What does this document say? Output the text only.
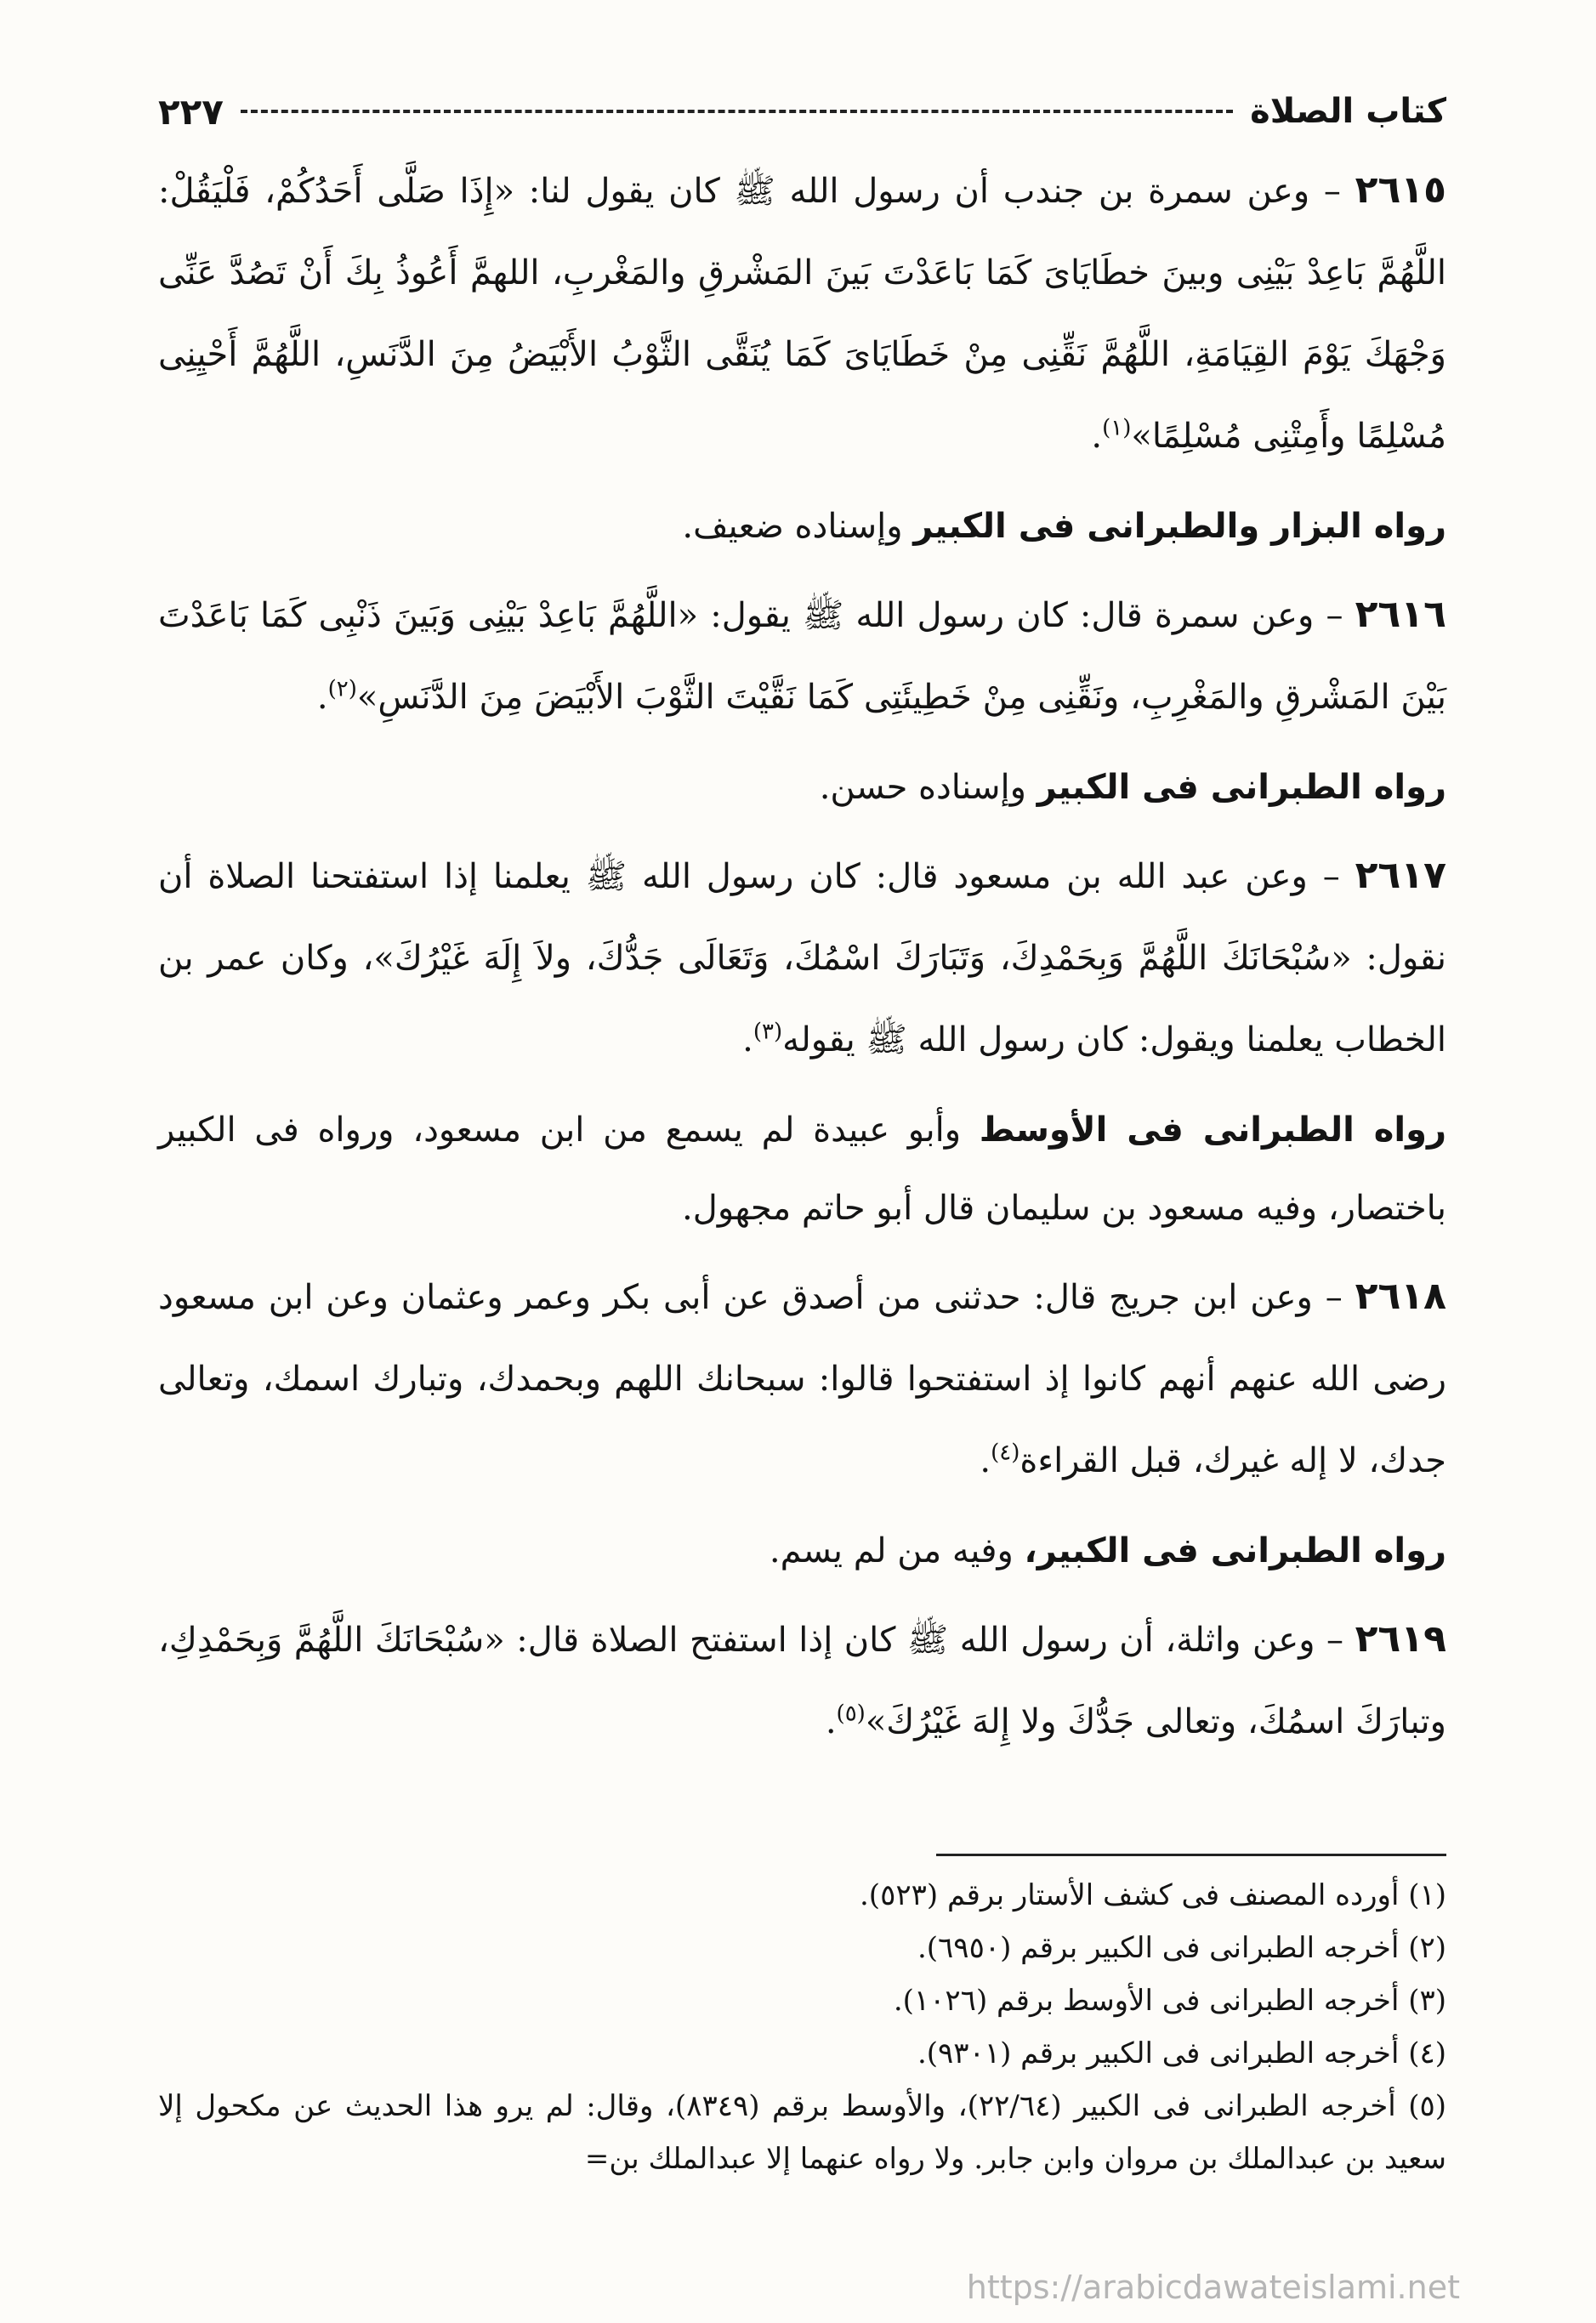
كتاب الصلاة
٢٢٧

٢٦١٥ – وعن سمرة بن جندب أن رسول الله ﷺ كان يقول لنا: «إِذَا صَلَّى أَحَدُكُمْ، فَلْيَقُلْ: اللَّهُمَّ بَاعِدْ بَيْنِى وبينَ خطَايَاىَ كَمَا بَاعَدْتَ بَينَ المَشْرقِ والمَغْربِ، اللهمَّ أَعُوذُ بِكَ أَنْ تَصُدَّ عَنِّى وَجْهَكَ يَوْمَ القِيَامَةِ، اللَّهُمَّ نَقِّنِى مِنْ خَطَايَاىَ كَمَا يُنَقَّى الثَّوْبُ الأَبْيَضُ مِنَ الدَّنَسِ، اللَّهُمَّ أَحْيِنِى مُسْلِمًا وأَمِتْنِى مُسْلِمًا»$^{(١)}$.

رواه البزار والطبرانى فى الكبير وإسناده ضعيف.

٢٦١٦ – وعن سمرة قال: كان رسول الله ﷺ يقول: «اللَّهُمَّ بَاعِدْ بَيْنِى وَبَينَ ذَنْبِى كَمَا بَاعَدْتَ بَيْنَ المَشْرقِ والمَغْرِبِ، ونَقِّنِى مِنْ خَطِيئَتِى كَمَا نَقَّيْتَ الثَّوْبَ الأَبْيَضَ مِنَ الدَّنَسِ»$^{(٢)}$.

رواه الطبرانى فى الكبير وإسناده حسن.

٢٦١٧ – وعن عبد الله بن مسعود قال: كان رسول الله ﷺ يعلمنا إذا استفتحنا الصلاة أن نقول: «سُبْحَانَكَ اللَّهُمَّ وَبِحَمْدِكَ، وَتَبَارَكَ اسْمُكَ، وَتَعَالَى جَدُّكَ، ولاَ إِلَهَ غَيْرُكَ»، وكان عمر بن الخطاب يعلمنا ويقول: كان رسول الله ﷺ يقوله$^{(٣)}$.

رواه الطبرانى فى الأوسط وأبو عبيدة لم يسمع من ابن مسعود، ورواه فى الكبير باختصار، وفيه مسعود بن سليمان قال أبو حاتم مجهول.

٢٦١٨ – وعن ابن جريج قال: حدثنى من أصدق عن أبى بكر وعمر وعثمان وعن ابن مسعود رضى الله عنهم أنهم كانوا إذ استفتحوا قالوا: سبحانك اللهم وبحمدك، وتبارك اسمك، وتعالى جدك، لا إله غيرك، قبل القراءة$^{(٤)}$.

رواه الطبرانى فى الكبير، وفيه من لم يسم.

٢٦١٩ – وعن واثلة، أن رسول الله ﷺ كان إذا استفتح الصلاة قال: «سُبْحَانَكَ اللَّهُمَّ وَبِحَمْدِكِ، وتبارَكَ اسمُكَ، وتعالى جَدُّكَ ولا إِلهَ غَيْرُكَ»$^{(٥)}$.

(١) أورده المصنف فى كشف الأستار برقم (٥٢٣).

(٢) أخرجه الطبرانى فى الكبير برقم (٦٩٥٠).

(٣) أخرجه الطبرانى فى الأوسط برقم (١٠٢٦).

(٤) أخرجه الطبرانى فى الكبير برقم (٩٣٠١).

(٥) أخرجه الطبرانى فى الكبير (٢٢/٦٤)، والأوسط برقم (٨٣٤٩)، وقال: لم يرو هذا الحديث عن مكحول إلا سعيد بن عبدالملك بن مروان وابن جابر. ولا رواه عنهما إلا عبدالملك بن=

https://arabicdawateislami.net
